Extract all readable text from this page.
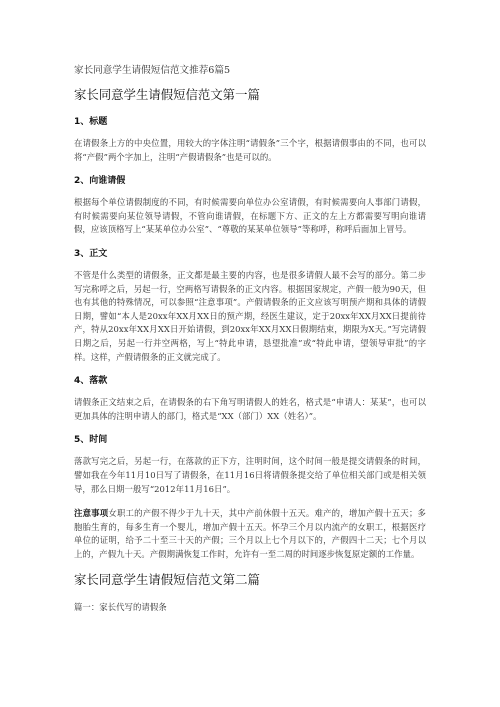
家长同意学生请假短信范文推荐6篇5

家长同意学生请假短信范文第一篇
1、标题

在请假条上方的中央位置，用较大的字体注明“请假条”三个字，根据请假事由的不同，也可以将“产假”两个字加上，注明“产假请假条”也是可以的。

2、向谁请假

根据每个单位请假制度的不同，有时候需要向单位办公室请假，有时候需要向人事部门请假，有时候需要向某位领导请假，不管向谁请假，在标题下方、正文的左上方都需要写明向谁请假，应该顶格写上“某某单位办公室”、“尊敬的某某单位领导”等称呼，称呼后面加上冒号。

3、正文

不管是什么类型的请假条，正文都是最主要的内容，也是很多请假人最不会写的部分。第二步写完称呼之后，另起一行，空两格写请假条的正文内容。根据国家规定，产假一般为90天，但也有其他的特殊情况，可以参照“注意事项”。产假请假条的正文应该写明预产期和具体的请假日期，譬如“本人是20xx年XX月XX日的预产期，经医生建议，定于20xx年XX月XX日提前待产，特从20xx年XX月XX日开始请假，到20xx年XX月XX日假期结束，期限为X天。”写完请假日期之后，另起一行并空两格，写上“特此申请，恳望批准”或“特此申请，望领导审批”的字样。这样，产假请假条的正文就完成了。

4、落款

请假条正文结束之后，在请假条的右下角写明请假人的姓名，格式是“申请人：某某”，也可以更加具体的注明申请人的部门，格式是“XX（部门）XX（姓名）”。

5、时间

落款写完之后，另起一行，在落款的正下方，注明时间，这个时间一般是提交请假条的时间，譬如我在今年11月10日写了请假条，在11月16日将请假条提交给了单位相关部门或是相关领导，那么日期一般写“2012年11月16日”。

注意事项女职工的产假不得少于九十天，其中产前休假十五天。难产的，增加产假十五天；多胞胎生育的，每多生育一个婴儿，增加产假十五天。怀孕三个月以内流产的女职工，根据医疗单位的证明，给予二十至三十天的产假；三个月以上七个月以下的，产假四十二天；七个月以上的，产假九十天。产假期满恢复工作时，允许有一至二周的时间逐步恢复原定额的工作量。

家长同意学生请假短信范文第二篇

篇一：家长代写的请假条
